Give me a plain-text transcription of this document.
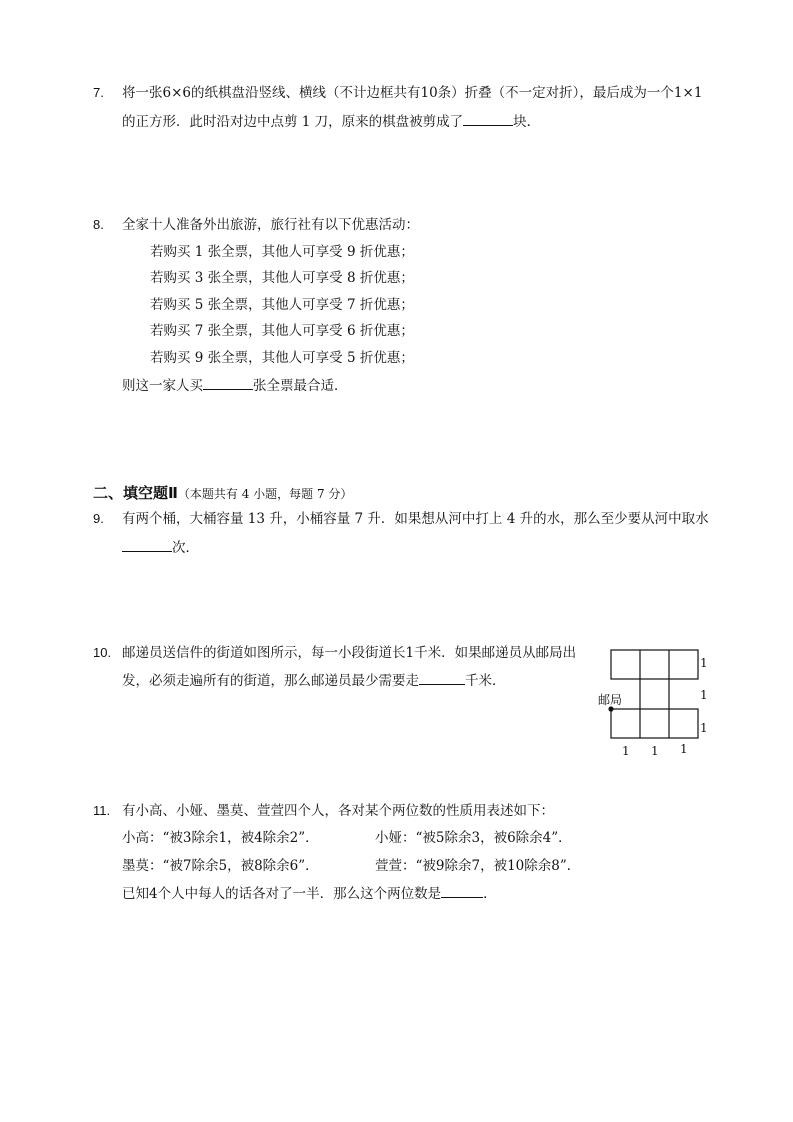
7. 将一张6×6的纸棋盘沿竖线、横线（不计边框共有10条）折叠（不一定对折），最后成为一个1×1
的正方形．此时沿对边中点剪 1 刀，原来的棋盘被剪成了	块．
8. 全家十人准备外出旅游，旅行社有以下优惠活动：
若购买 1 张全票，其他人可享受 9 折优惠；
若购买 3 张全票，其他人可享受 8 折优惠；
若购买 5 张全票，其他人可享受 7 折优惠；
若购买 7 张全票，其他人可享受 6 折优惠；
若购买 9 张全票，其他人可享受 5 折优惠；
则这一家人买	张全票最合适．
二、填空题Ⅱ（本题共有 4 小题，每题 7 分）
9. 有两个桶，大桶容量 13 升，小桶容量 7 升．如果想从河中打上 4 升的水，那么至少要从河中取水
次．
10. 邮递员送信件的街道如图所示，每一小段街道长1千米．如果邮递员从邮局出
发，必须走遍所有的街道，那么邮递员最少需要走	千米．
邮局
1
1
1
1 1 1
11. 有小高、小娅、墨莫、萱萱四个人，各对某个两位数的性质用表述如下：
小高：“被3除余1，被4除余2”．	小娅：“被5除余3，被6除余4”．
墨莫：“被7除余5，被8除余6”．	萱萱：“被9除余7，被10除余8”．
已知4个人中每人的话各对了一半．那么这个两位数是	．
